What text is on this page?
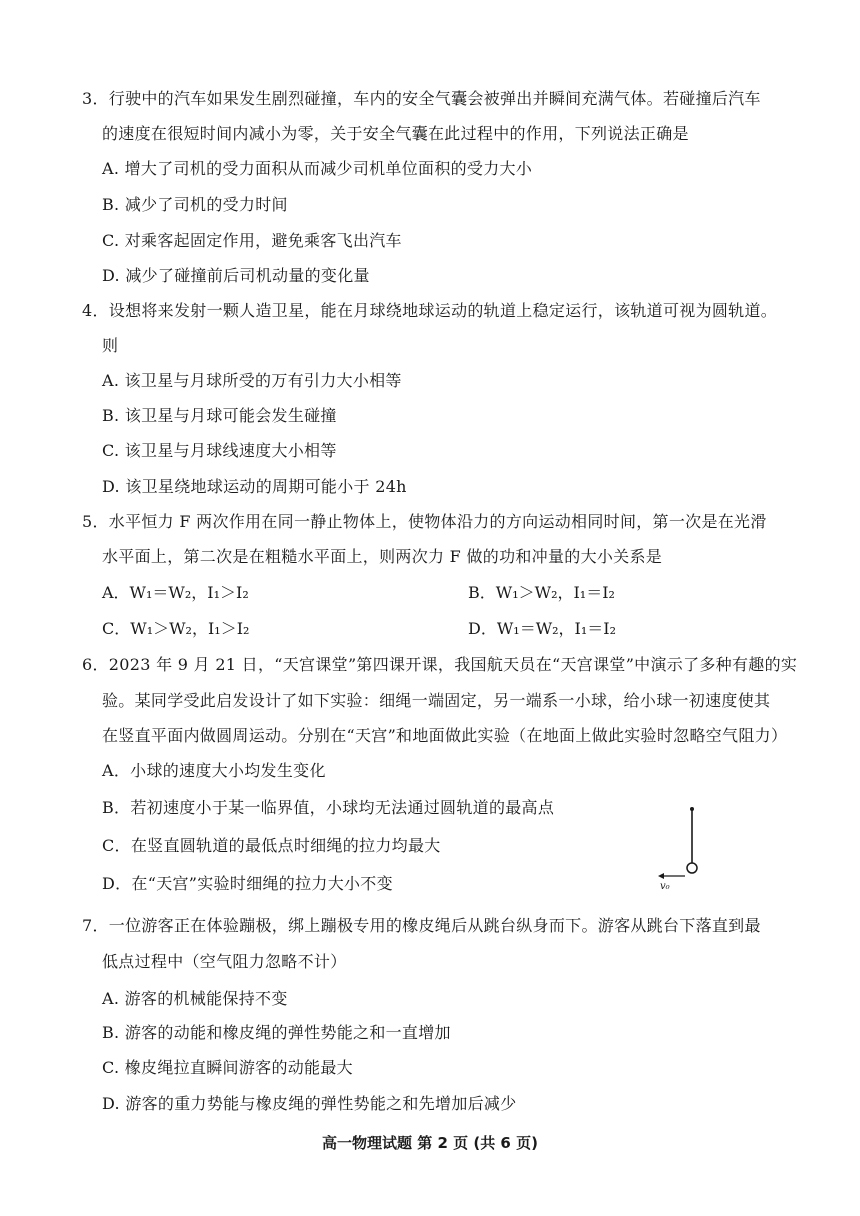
3．行驶中的汽车如果发生剧烈碰撞，车内的安全气囊会被弹出并瞬间充满气体。若碰撞后汽车
的速度在很短时间内减小为零，关于安全气囊在此过程中的作用，下列说法正确是
A. 增大了司机的受力面积从而减少司机单位面积的受力大小
B. 减少了司机的受力时间
C. 对乘客起固定作用，避免乘客飞出汽车
D. 减少了碰撞前后司机动量的变化量
4．设想将来发射一颗人造卫星，能在月球绕地球运动的轨道上稳定运行，该轨道可视为圆轨道。
则
A. 该卫星与月球所受的万有引力大小相等
B. 该卫星与月球可能会发生碰撞
C. 该卫星与月球线速度大小相等
D. 该卫星绕地球运动的周期可能小于 24h
5．水平恒力 F 两次作用在同一静止物体上，使物体沿力的方向运动相同时间，第一次是在光滑
水平面上，第二次是在粗糙水平面上，则两次力 F 做的功和冲量的大小关系是
A．W₁＝W₂，I₁＞I₂	B．W₁＞W₂，I₁＝I₂
C．W₁＞W₂，I₁＞I₂	D．W₁＝W₂，I₁＝I₂
6．2023 年 9 月 21 日，“天宫课堂”第四课开课，我国航天员在“天宫课堂”中演示了多种有趣的实
验。某同学受此启发设计了如下实验：细绳一端固定，另一端系一小球，给小球一初速度使其
在竖直平面内做圆周运动。分别在“天宫”和地面做此实验（在地面上做此实验时忽略空气阻力）
A．小球的速度大小均发生变化
B．若初速度小于某一临界值，小球均无法通过圆轨道的最高点
C．在竖直圆轨道的最低点时细绳的拉力均最大
D．在“天宫”实验时细绳的拉力大小不变	v₀
7．一位游客正在体验蹦极，绑上蹦极专用的橡皮绳后从跳台纵身而下。游客从跳台下落直到最
低点过程中（空气阻力忽略不计）
A. 游客的机械能保持不变
B. 游客的动能和橡皮绳的弹性势能之和一直增加
C. 橡皮绳拉直瞬间游客的动能最大
D. 游客的重力势能与橡皮绳的弹性势能之和先增加后减少
高一物理试题 第 2 页 (共 6 页)
